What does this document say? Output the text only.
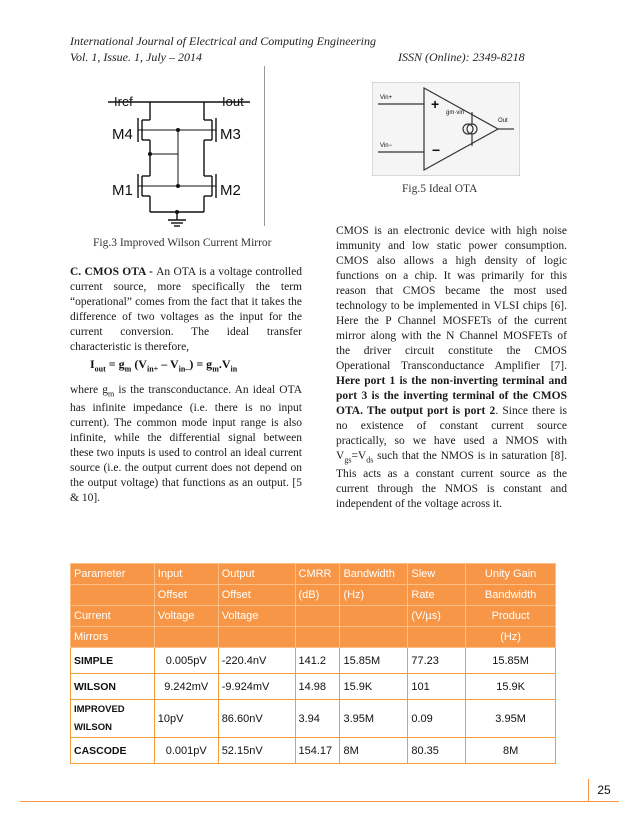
International Journal of Electrical and Computing Engineering
Vol. 1, Issue. 1, July – 2014	ISSN (Online): 2349-8218
Iref	Iout
M4	M3
M1	M2
Fig.3 Improved Wilson Current Mirror
+
−
gm·vin
Out
Vin+
Vin−
Fig.5 Ideal OTA

C. CMOS OTA - An OTA is a voltage controlled current source, more specifically the term “operational” comes from the fact that it takes the difference of two voltages as the input for the current conversion. The ideal transfer characteristic is therefore,

$I_{out} = g_m$ $(V_{in+} - V_{in-}) = g_m.V_{in}$

where $g_m$ is the transconductance. An ideal OTA has infinite impedance (i.e. there is no input current). The common mode input range is also infinite, while the differential signal between these two inputs is used to control an ideal current source (i.e. the output current does not depend on the output voltage) that functions as an output. [5 & 10].

CMOS is an electronic device with high noise immunity and low static power consumption. CMOS also allows a high density of logic functions on a chip. It was primarily for this reason that CMOS became the most used technology to be implemented in VLSI chips [6]. Here the P Channel MOSFETs of the current mirror along with the N Channel MOSFETs of the driver circuit constitute the CMOS Operational Transconductance Amplifier [7]. Here port 1 is the non-inverting terminal and port 3 is the inverting terminal of the CMOS OTA. The output port is port 2. Since there is no existence of constant current source practically, so we have used a NMOS with $V_{gs}=V_{ds}$ such that the NMOS is in saturation [8]. This acts as a constant current source as the current through the NMOS is constant and independent of the voltage across it.

Parameter	Input	Output	CMRR	Bandwidth	Slew	Unity Gain
	Offset	Offset	(dB)	(Hz)	Rate	Bandwidth
Current	Voltage	Voltage			(V/µs)	Product
Mirrors						(Hz)
SIMPLE	0.005pV	-220.4nV	141.2	15.85M	77.23	15.85M
WILSON	9.242mV	-9.924mV	14.98	15.9K	101	15.9K
IMPROVED
WILSON	10pV	86.60nV	3.94	3.95M	0.09	3.95M
CASCODE	0.001pV	52.15nV	154.17	8M	80.35	8M
25
